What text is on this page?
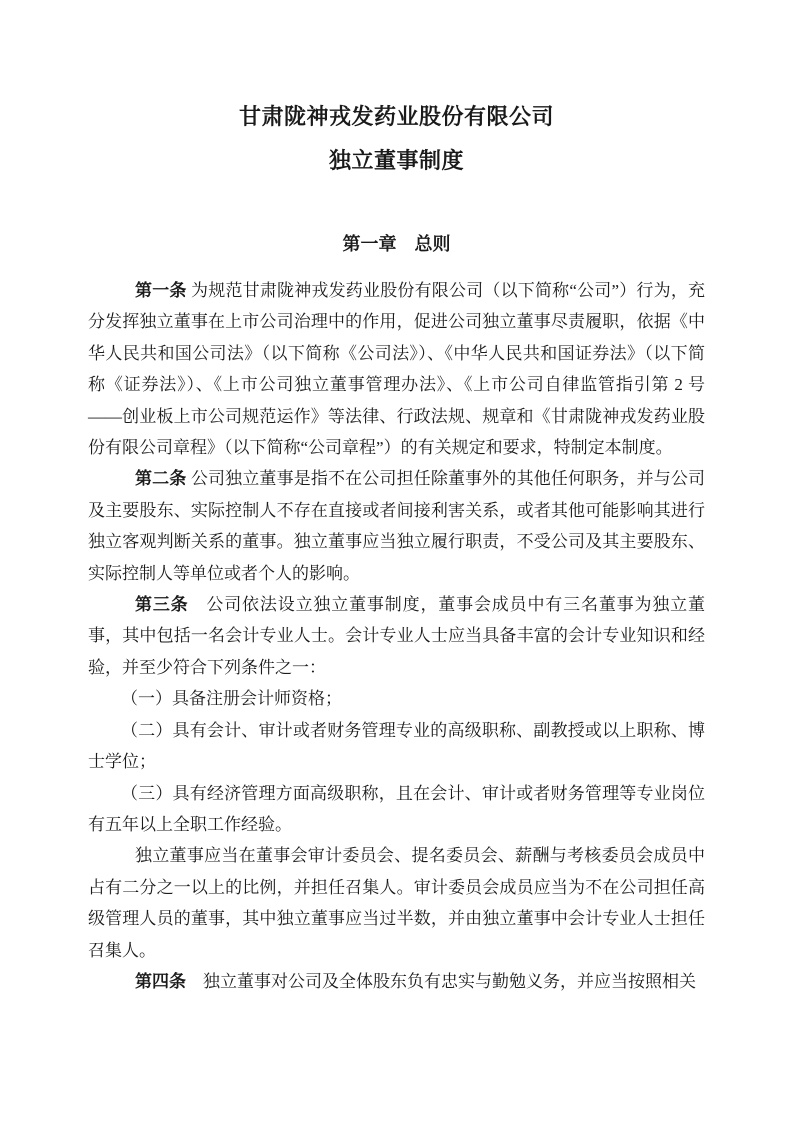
甘肃陇神戎发药业股份有限公司
独立董事制度
第一章　总则

第一条 为规范甘肃陇神戎发药业股份有限公司（以下简称“公司”）行为，充分发挥独立董事在上市公司治理中的作用，促进公司独立董事尽责履职，依据《中华人民共和国公司法》（以下简称《公司法》）、《中华人民共和国证券法》（以下简称《证券法》）、《上市公司独立董事管理办法》、《上市公司自律监管指引第 2 号——创业板上市公司规范运作》等法律、行政法规、规章和《甘肃陇神戎发药业股份有限公司章程》（以下简称“公司章程”）的有关规定和要求，特制定本制度。

第二条 公司独立董事是指不在公司担任除董事外的其他任何职务，并与公司及主要股东、实际控制人不存在直接或者间接利害关系，或者其他可能影响其进行独立客观判断关系的董事。独立董事应当独立履行职责，不受公司及其主要股东、实际控制人等单位或者个人的影响。

第三条　 公司依法设立独立董事制度，董事会成员中有三名董事为独立董事，其中包括一名会计专业人士。会计专业人士应当具备丰富的会计专业知识和经验，并至少符合下列条件之一：

（一）具备注册会计师资格；

（二）具有会计、审计或者财务管理专业的高级职称、副教授或以上职称、博士学位；

（三）具有经济管理方面高级职称，且在会计、审计或者财务管理等专业岗位有五年以上全职工作经验。

独立董事应当在董事会审计委员会、提名委员会、薪酬与考核委员会成员中占有二分之一以上的比例，并担任召集人。审计委员会成员应当为不在公司担任高级管理人员的董事，其中独立董事应当过半数，并由独立董事中会计专业人士担任召集人。

第四条　 独立董事对公司及全体股东负有忠实与勤勉义务，并应当按照相关
